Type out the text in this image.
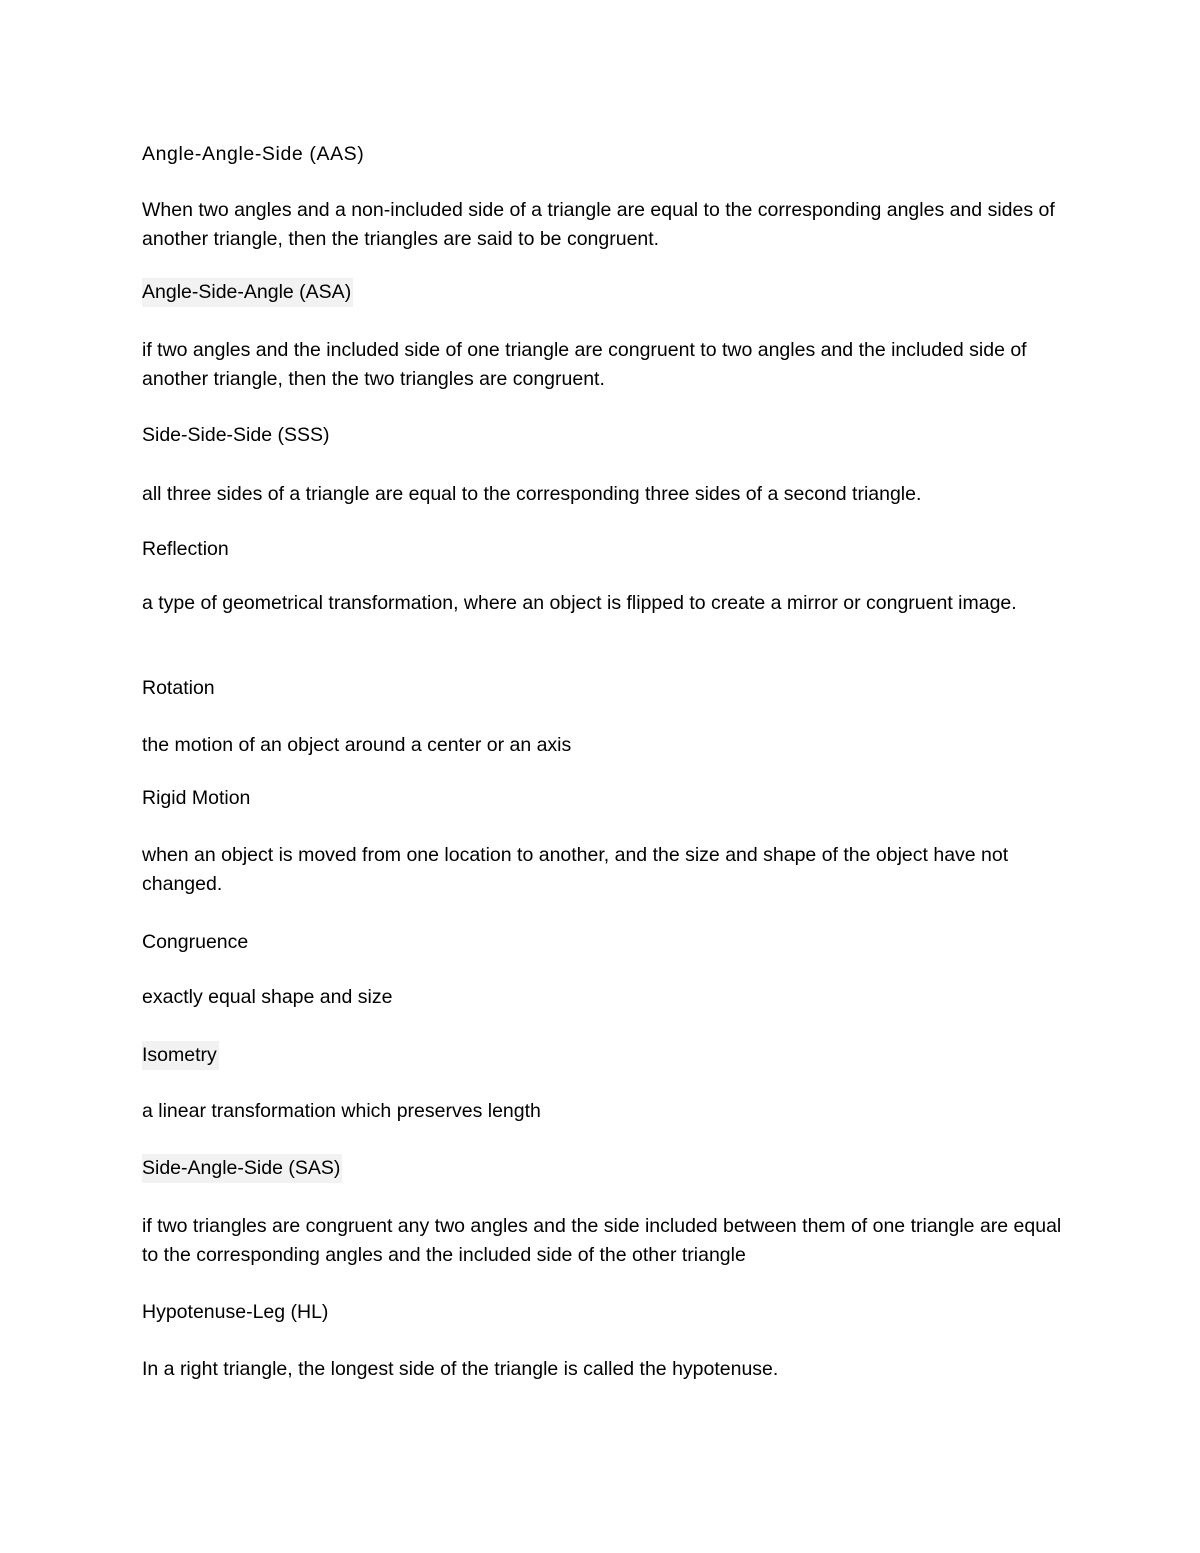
Angle-Angle-Side (AAS)
When two angles and a non-included side of a triangle are equal to the corresponding angles and sides of another triangle, then the triangles are said to be congruent.
Angle-Side-Angle (ASA)
if two angles and the included side of one triangle are congruent to two angles and the included side of another triangle, then the two triangles are congruent.
Side-Side-Side (SSS)
all three sides of a triangle are equal to the corresponding three sides of a second triangle.
Reflection
a type of geometrical transformation, where an object is flipped to create a mirror or congruent image.
Rotation
the motion of an object around a center or an axis
Rigid Motion
when an object is moved from one location to another, and the size and shape of the object have not changed.
Congruence
exactly equal shape and size
Isometry
a linear transformation which preserves length
Side-Angle-Side (SAS)
if two triangles are congruent any two angles and the side included between them of one triangle are equal to the corresponding angles and the included side of the other triangle
Hypotenuse-Leg (HL)
In a right triangle, the longest side of the triangle is called the hypotenuse.
